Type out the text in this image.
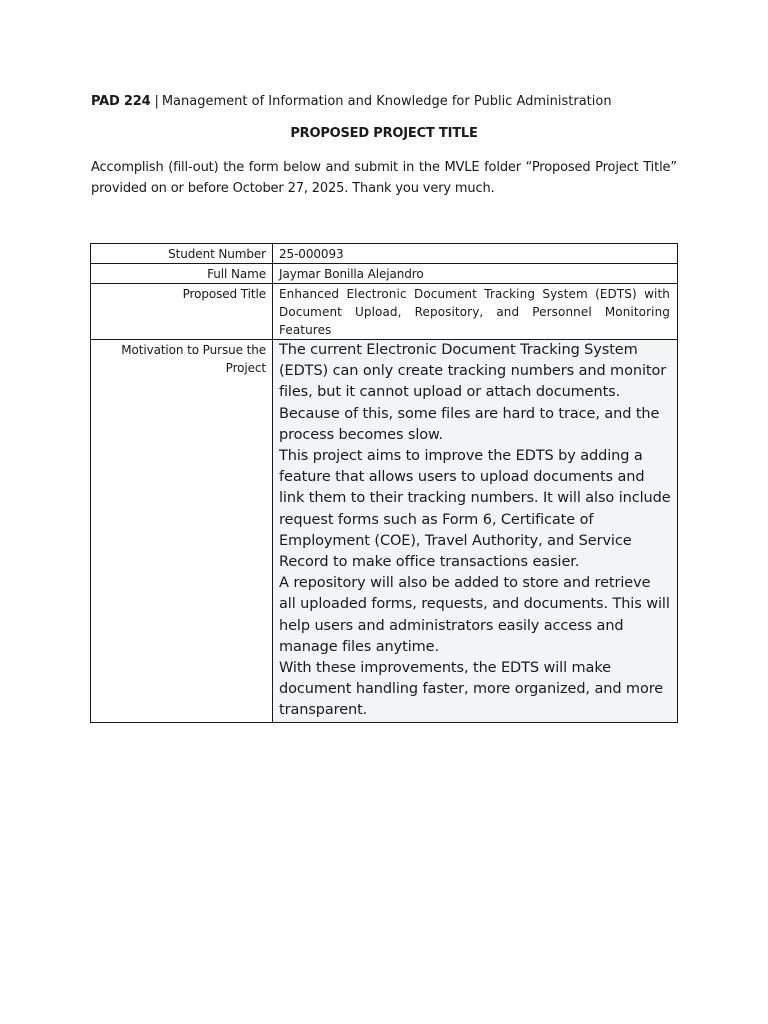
PAD 224 | Management of Information and Knowledge for Public Administration
PROPOSED PROJECT TITLE
Accomplish (fill-out) the form below and submit in the MVLE folder “Proposed Project Title” provided on or before October 27, 2025. Thank you very much.
Student Number	25-000093
Full Name	Jaymar Bonilla Alejandro
Proposed Title	Enhanced Electronic Document Tracking System (EDTS) with Document Upload, Repository, and Personnel Monitoring Features
Motivation to Pursue the Project	The current Electronic Document Tracking System (EDTS) can only create tracking numbers and monitor files, but it cannot upload or attach documents. Because of this, some files are hard to trace, and the process becomes slow.

This project aims to improve the EDTS by adding a feature that allows users to upload documents and link them to their tracking numbers. It will also include request forms such as Form 6, Certificate of Employment (COE), Travel Authority, and Service Record to make office transactions easier.

A repository will also be added to store and retrieve all uploaded forms, requests, and documents. This will help users and administrators easily access and manage files anytime.

With these improvements, the EDTS will make document handling faster, more organized, and more transparent.
